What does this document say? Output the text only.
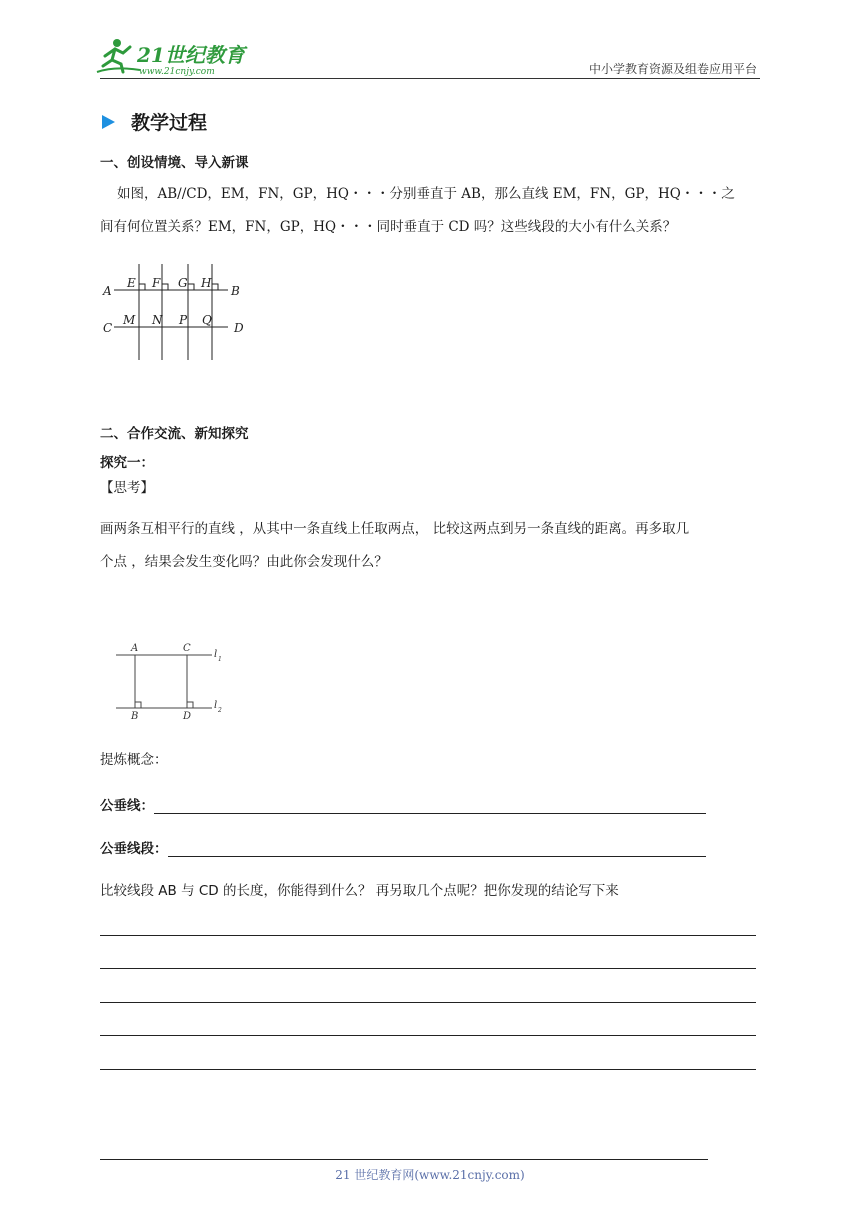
21世纪教育
www.21cnjy.com	中小学教育资源及组卷应用平台
教学过程
一、创设情境、导入新课
如图，AB//CD，EM，FN，GP，HQ・・・分别垂直于 AB，那么直线 EM，FN，GP，HQ・・・之
间有何位置关系？EM，FN，GP，HQ・・・同时垂直于 CD 吗？这些线段的大小有什么关系？
A
E F G H
B
C
M N P Q
D
二、合作交流、新知探究
探究一：
【思考】
画两条互相平行的直线 ，从其中一条直线上任取两点， 比较这两点到另一条直线的距离。再多取几
个点 ，结果会发生变化吗？由此你会发现什么？
A	C
l 1
B	D
l 2
提炼概念：
公垂线：
公垂线段：
比较线段 AB 与 CD 的长度，你能得到什么？ 再另取几个点呢？把你发现的结论写下来
21 世纪教育网(www.21cnjy.com)
